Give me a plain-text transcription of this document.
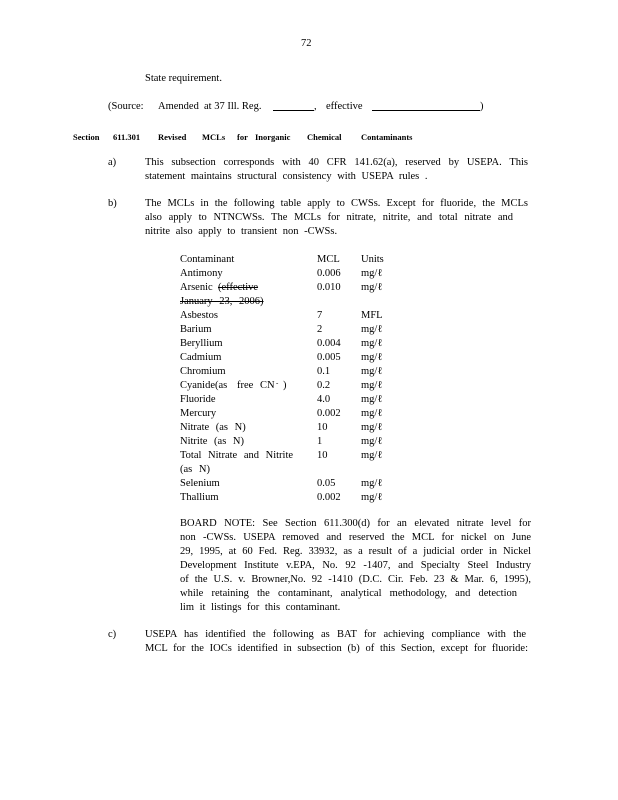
72
State requirement.
(Source: Amended at 37 Ill. Reg.	, effective	)
Section 611.301 Revised MCLs for Inorganic Chemical Contaminants
a)	This subsection corresponds with 40 CFR 141.62(a), reserved by USEPA. This
statement maintains structural consistency with USEPA rules .
b)	The MCLs in the following table apply to CWSs. Except for fluoride, the MCLs
also apply to NTNCWSs. The MCLs for nitrate, nitrite, and total nitrate and
nitrite also apply to transient non -CWSs.
Contaminant	MCL Units
Antimony	0.006 mg/ℓ
Arsenic (effective	0.010 mg/ℓ
January 23, 2006)
Asbestos	7	MFL
Barium	2	mg/ℓ
Beryllium	0.004 mg/ℓ
Cadmium	0.005 mg/ℓ
Chromium	0.1	mg/ℓ
Cyanide(as free CN - )	0.2	mg/ℓ
Fluoride	4.0	mg/ℓ
Mercury	0.002 mg/ℓ
Nitrate (as N)	10	mg/ℓ
Nitrite (as N)	1	mg/ℓ
Total Nitrate and Nitrite 10	mg/ℓ
(as N)
Selenium	0.05 mg/ℓ
Thallium	0.002 mg/ℓ
BOARD NOTE: See Section 611.300(d) for an elevated nitrate level for
non -CWSs. USEPA removed and reserved the MCL for nickel on June
29, 1995, at 60 Fed. Reg. 33932, as a result of a judicial order in Nickel
Development Institute v.EPA, No. 92 -1407, and Specialty Steel Industry
of the U.S. v. Browner,No. 92 -1410 (D.C. Cir. Feb. 23 & Mar. 6, 1995),
while retaining the contaminant, analytical methodology, and detection
lim it listings for this contaminant.
c)	USEPA has identified the following as BAT for achieving compliance with the
MCL for the IOCs identified in subsection (b) of this Section, except for fluoride:
